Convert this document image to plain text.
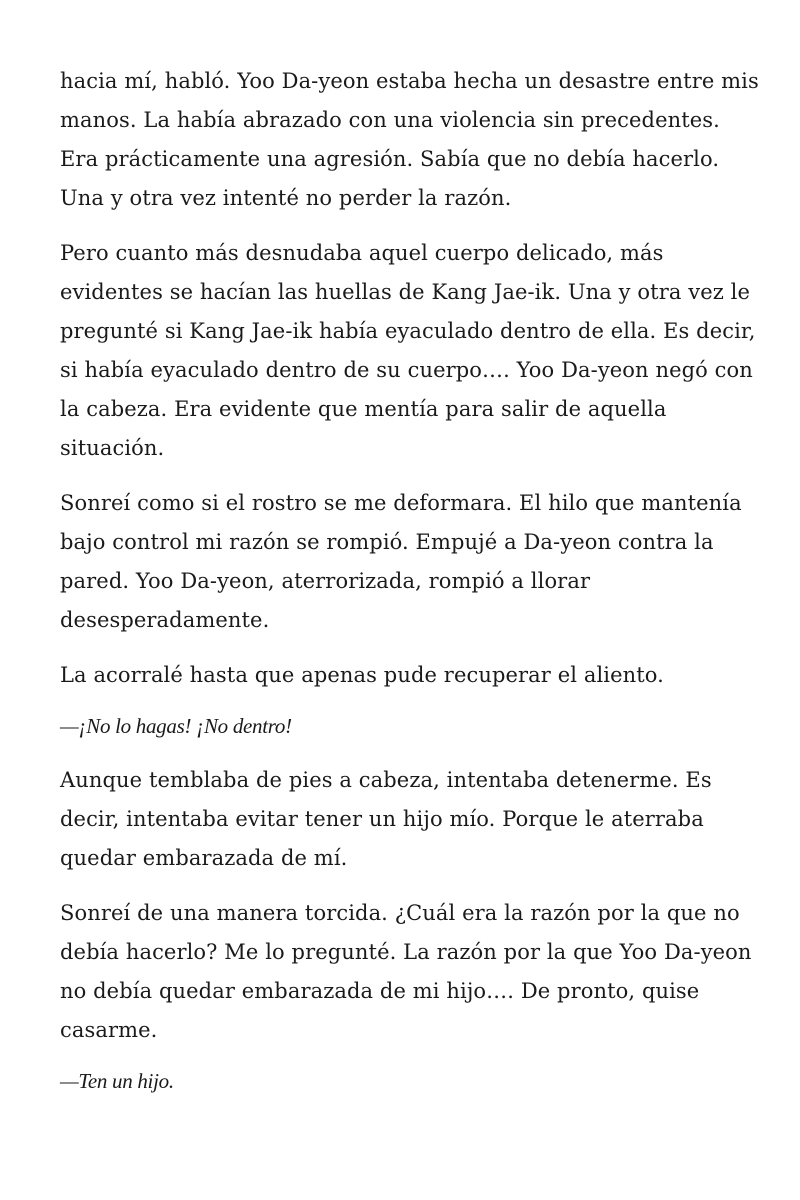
hacia mí, habló. Yoo Da-yeon estaba hecha un desastre entre mis manos. La había abrazado con una violencia sin precedentes. Era prácticamente una agresión. Sabía que no debía hacerlo. Una y otra vez intenté no perder la razón.

Pero cuanto más desnudaba aquel cuerpo delicado, más evidentes se hacían las huellas de Kang Jae-ik. Una y otra vez le pregunté si Kang Jae-ik había eyaculado dentro de ella. Es decir, si había eyaculado dentro de su cuerpo…. Yoo Da-yeon negó con la cabeza. Era evidente que mentía para salir de aquella situación.

Sonreí como si el rostro se me deformara. El hilo que mantenía bajo control mi razón se rompió. Empujé a Da-yeon contra la pared. Yoo Da-yeon, aterrorizada, rompió a llorar desesperadamente.

La acorralé hasta que apenas pude recuperar el aliento.

—¡No lo hagas! ¡No dentro!

Aunque temblaba de pies a cabeza, intentaba detenerme. Es decir, intentaba evitar tener un hijo mío. Porque le aterraba quedar embarazada de mí.

Sonreí de una manera torcida. ¿Cuál era la razón por la que no debía hacerlo? Me lo pregunté. La razón por la que Yoo Da-yeon no debía quedar embarazada de mi hijo…. De pronto, quise casarme.

—Ten un hijo.
